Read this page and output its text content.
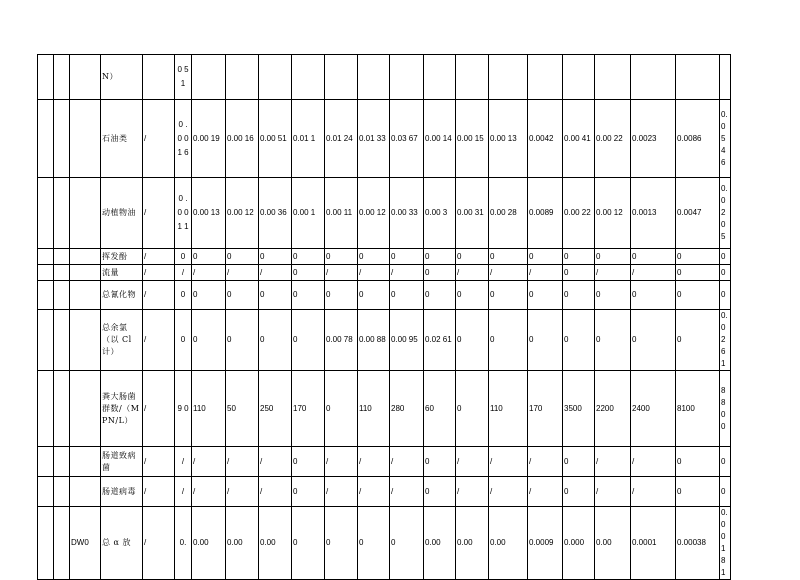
			N）		0 5 1																

			石油类	/	0 . 0 0 1 6	0.00 19	0.00 16	0.00 51	0.01 1	0.01 24	0.01 33	0.03 67	0.00 14	0.00 15	0.00 13	0.0042	0.00 41	0.00 22	0.0023	0.0086	0.0546
			动植物油	/	0 . 0 0 1 1	0.00 13	0.00 12	0.00 36	0.00 1	0.00 11	0.00 12	0.00 33	0.00 3	0.00 31	0.00 28	0.0089	0.00 22	0.00 12	0.0013	0.0047	0.0205
			挥发酚	/	0	0	0	0	0	0	0	0	0	0	0	0	0	0	0	0	0
			流量	/	/	/	/	/	0	/	/	/	0	/	/	/	0	/	/	0	0
			总氰化物	/	0	0	0	0	0	0	0	0	0	0	0	0	0	0	0	0	0
			总余氯（以 Cl 计）	/	0	0	0	0	0	0.00 78	0.00 88	0.00 95	0.02 61	0	0	0	0	0	0	0	0.0261
			粪大肠菌群数/（MPN/L）	/	9 0	110	50	250	170	0	110	280	60	0	110	170	3500	2200	2400	8100	8800
			肠道致病菌	/	/	/	/	/	0	/	/	/	0	/	/	/	0	/	/	0	0
			肠道病毒	/	/	/	/	/	0	/	/	/	0	/	/	/	0	/	/	0	0
		DW0	总 α 放	/	0.	0.00	0.00	0.00	0	0	0	0	0.00	0.00	0.00	0.0009	0.000	0.00	0.0001	0.00038	0.00181
